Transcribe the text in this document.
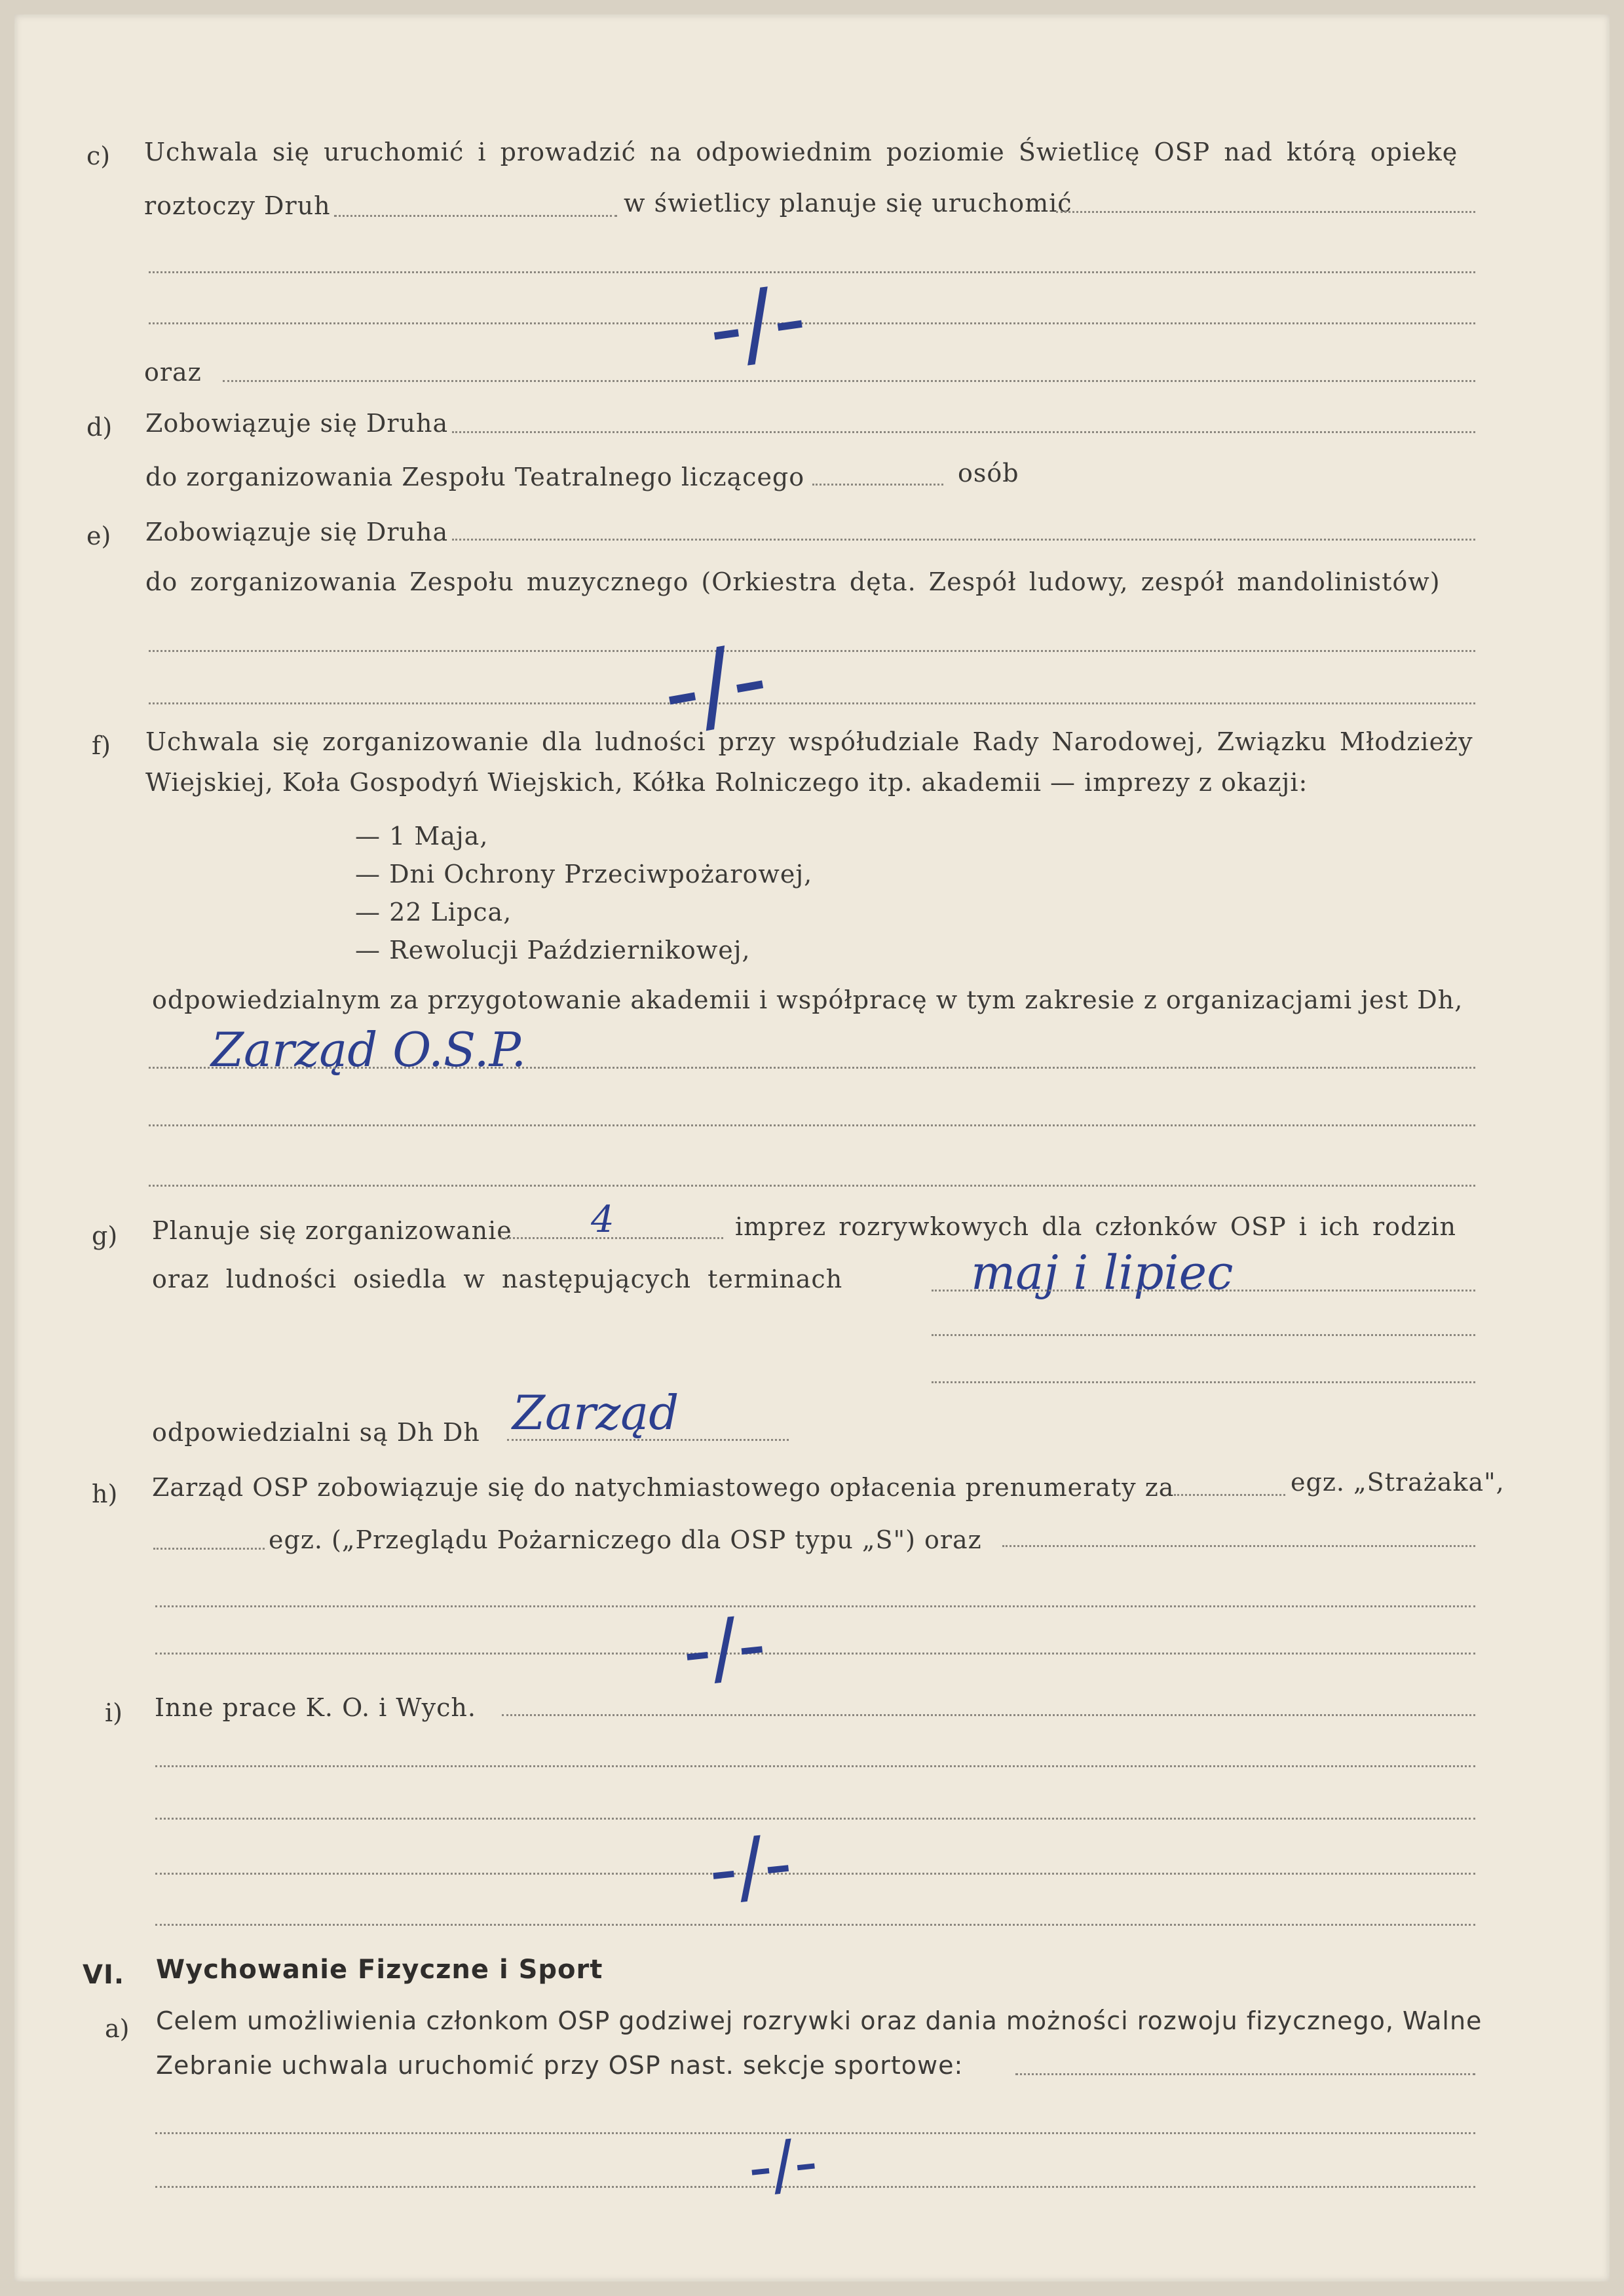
c) Uchwala się uruchomić i prowadzić na odpowiednim poziomie Świetlicę OSP nad którą opiekę
roztoczy Druh	w świetlicy planuje się uruchomić
oraz	-/-
d) Zobowiązuje się Druha
do zorganizowania Zespołu Teatralnego liczącego	osób
e) Zobowiązuje się Druha
do zorganizowania Zespołu muzycznego (Orkiestra dęta. Zespół ludowy, zespół mandolinistów)
-/-
f) Uchwala się zorganizowanie dla ludności przy współudziale Rady Narodowej, Związku Młodzieży
Wiejskiej, Koła Gospodyń Wiejskich, Kółka Rolniczego itp. akademii — imprezy z okazji:
— 1 Maja,
— Dni Ochrony Przeciwpożarowej,
— 22 Lipca,
— Rewolucji Październikowej,
odpowiedzialnym za przygotowanie akademii i współpracę w tym zakresie z organizacjami jest Dh,
Zarząd O.S.P.
g) Planuje się zorganizowanie 4	imprez rozrywkowych dla członków OSP i ich rodzin
oraz ludności osiedla w następujących terminach	maj i lipiec
odpowiedzialni są Dh Dh Zarząd
h) Zarząd OSP zobowiązuje się do natychmiastowego opłacenia prenumeraty za	egz. „Strażaka",
egz. („Przeglądu Pożarniczego dla OSP typu „S") oraz
-/-
i) Inne prace K. O. i Wych.
-/-
VI. Wychowanie Fizyczne i Sport
a) Celem umożliwienia członkom OSP godziwej rozrywki oraz dania możności rozwoju fizycznego, Walne
Zebranie uchwala uruchomić przy OSP nast. sekcje sportowe:
-/-
